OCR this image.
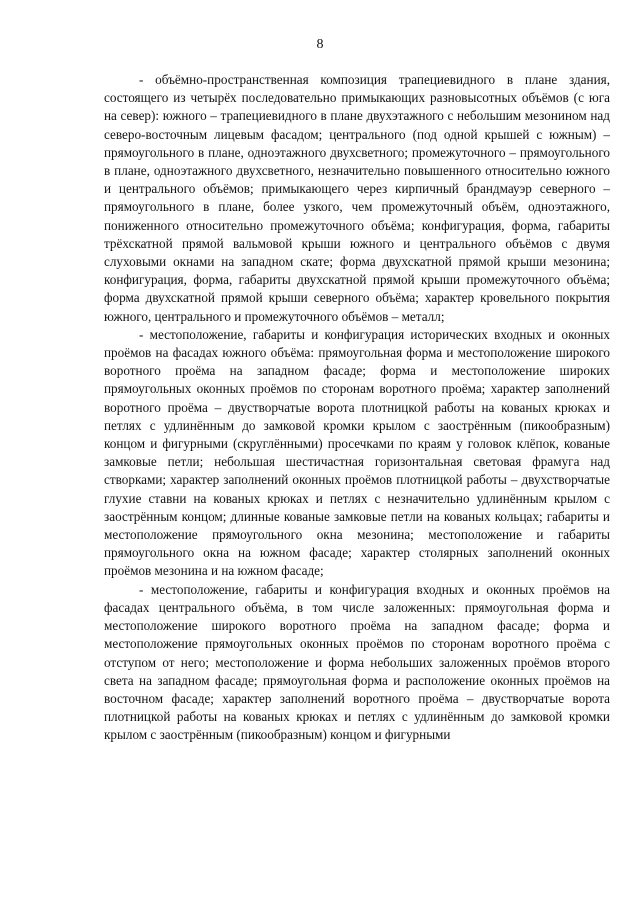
8

- объёмно-пространственная композиция трапециевидного в плане здания, состоящего из четырёх последовательно примыкающих разновысотных объёмов (с юга на север): южного – трапециевидного в плане двухэтажного с небольшим мезонином над северо-восточным лицевым фасадом; центрального (под одной крышей с южным) – прямоугольного в плане, одноэтажного двухсветного; промежуточного – прямоугольного в плане, одноэтажного двухсветного, незначительно повышенного относительно южного и центрального объёмов; примыкающего через кирпичный брандмауэр северного – прямоугольного в плане, более узкого, чем промежуточный объём, одноэтажного, пониженного относительно промежуточного объёма; конфигурация, форма, габариты трёхскатной прямой вальмовой крыши южного и центрального объёмов с двумя слуховыми окнами на западном скате; форма двухскатной прямой крыши мезонина; конфигурация, форма, габариты двухскатной прямой крыши промежуточного объёма; форма двухскатной прямой крыши северного объёма; характер кровельного покрытия южного, центрального и промежуточного объёмов – металл;

- местоположение, габариты и конфигурация исторических входных и оконных проёмов на фасадах южного объёма: прямоугольная форма и местоположение широкого воротного проёма на западном фасаде; форма и местоположение широких прямоугольных оконных проёмов по сторонам воротного проёма; характер заполнений воротного проёма – двустворчатые ворота плотницкой работы на кованых крюках и петлях с удлинённым до замковой кромки крылом с заострённым (пикообразным) концом и фигурными (скруглёнными) просечками по краям у головок клёпок, кованые замковые петли; небольшая шестичастная горизонтальная световая фрамуга над створками; характер заполнений оконных проёмов плотницкой работы – двухстворчатые глухие ставни на кованых крюках и петлях с незначительно удлинённым крылом с заострённым концом; длинные кованые замковые петли на кованых кольцах; габариты и местоположение прямоугольного окна мезонина; местоположение и габариты прямоугольного окна на южном фасаде; характер столярных заполнений оконных проёмов мезонина и на южном фасаде;

- местоположение, габариты и конфигурация входных и оконных проёмов на фасадах центрального объёма, в том числе заложенных: прямоугольная форма и местоположение широкого воротного проёма на западном фасаде; форма и местоположение прямоугольных оконных проёмов по сторонам воротного проёма с отступом от него; местоположение и форма небольших заложенных проёмов второго света на западном фасаде; прямоугольная форма и расположение оконных проёмов на восточном фасаде; характер заполнений воротного проёма – двустворчатые ворота плотницкой работы на кованых крюках и петлях с удлинённым до замковой кромки крылом с заострённым (пикообразным) концом и фигурными
